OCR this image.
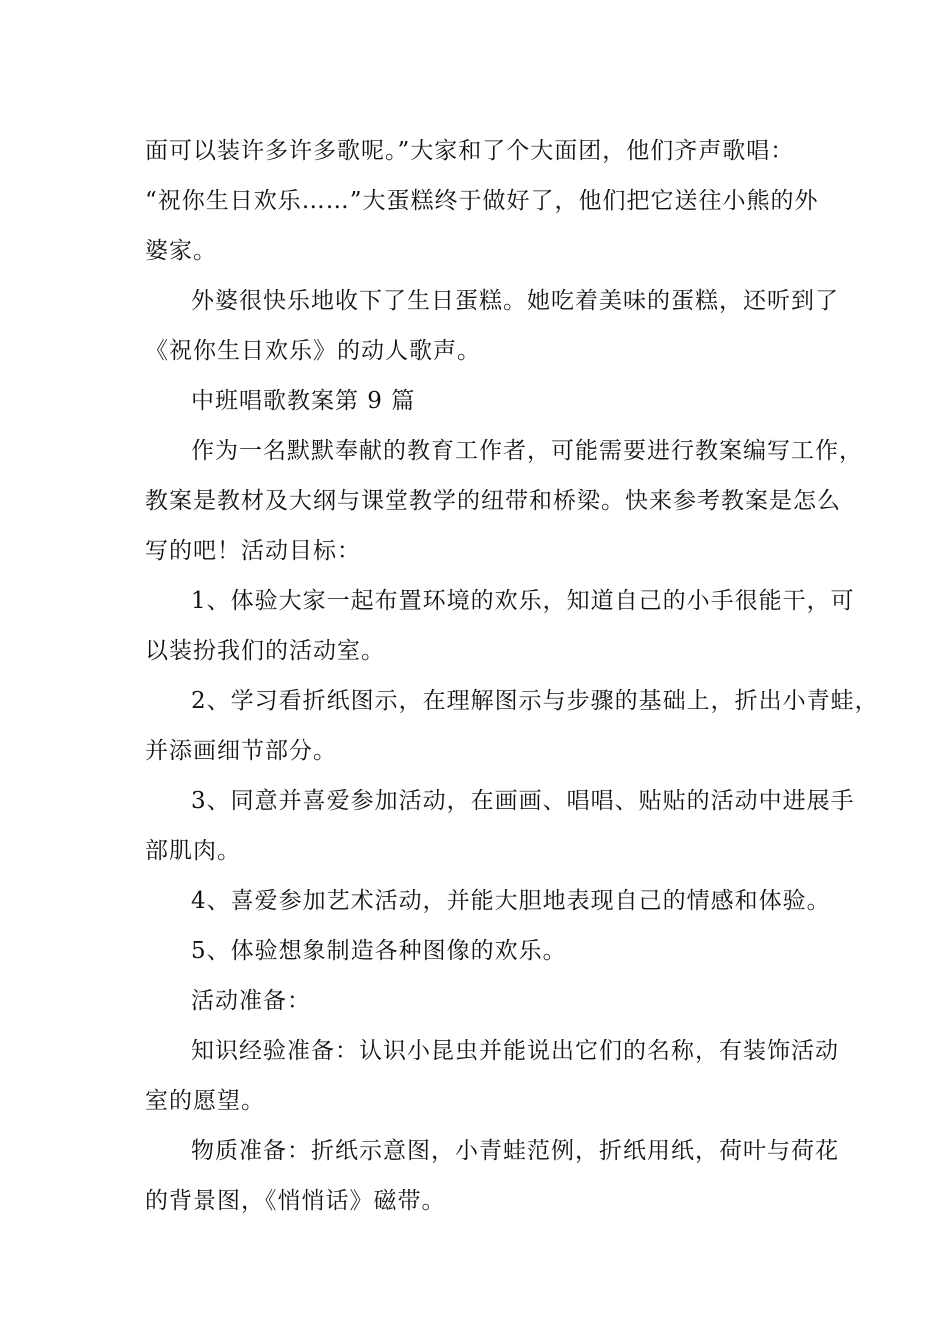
面可以装许多许多歌呢。”大家和了个大面团，他们齐声歌唱：
“祝你生日欢乐……”大蛋糕终于做好了，他们把它送往小熊的外
婆家。
外婆很快乐地收下了生日蛋糕。她吃着美味的蛋糕，还听到了
《祝你生日欢乐》的动人歌声。
中班唱歌教案第 9 篇
作为一名默默奉献的教育工作者，可能需要进行教案编写工作，
教案是教材及大纲与课堂教学的纽带和桥梁。快来参考教案是怎么
写的吧！活动目标：
1、体验大家一起布置环境的欢乐，知道自己的小手很能干，可
以装扮我们的活动室。
2、学习看折纸图示，在理解图示与步骤的基础上，折出小青蛙，
并添画细节部分。
3、同意并喜爱参加活动，在画画、唱唱、贴贴的活动中进展手
部肌肉。
4、喜爱参加艺术活动，并能大胆地表现自己的情感和体验。
5、体验想象制造各种图像的欢乐。
活动准备：
知识经验准备：认识小昆虫并能说出它们的名称，有装饰活动
室的愿望。
物质准备：折纸示意图，小青蛙范例，折纸用纸，荷叶与荷花
的背景图，《悄悄话》磁带。
